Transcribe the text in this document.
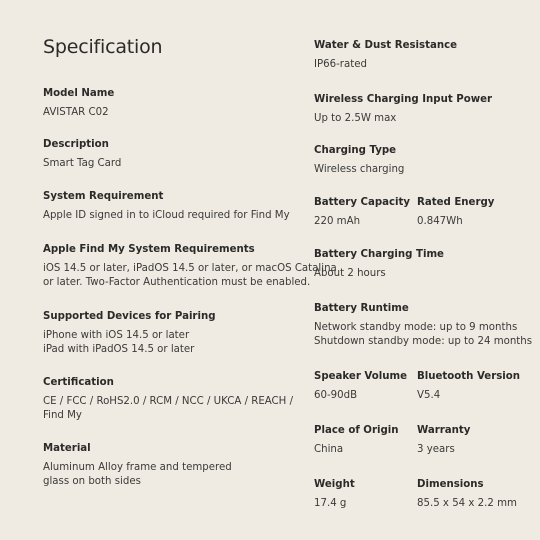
Specification
Model Name
AVISTAR C02
Description
Smart Tag Card
System Requirement
Apple ID signed in to iCloud required for Find My
Apple Find My System Requirements
iOS 14.5 or later, iPadOS 14.5 or later, or macOS Catalina
or later. Two-Factor Authentication must be enabled.
Supported Devices for Pairing
iPhone with iOS 14.5 or later
iPad with iPadOS 14.5 or later
Certification
CE / FCC / RoHS2.0 / RCM / NCC / UKCA / REACH /
Find My
Material
Aluminum Alloy frame and tempered
glass on both sides
Water & Dust Resistance
IP66-rated
Wireless Charging Input Power
Up to 2.5W max
Charging Type
Wireless charging
Battery Capacity
220 mAh
Rated Energy
0.847Wh
Battery Charging Time
About 2 hours
Battery Runtime
Network standby mode: up to 9 months
Shutdown standby mode: up to 24 months
Speaker Volume
60-90dB
Bluetooth Version
V5.4
Place of Origin
China
Warranty
3 years
Weight
17.4 g
Dimensions
85.5 x 54 x 2.2 mm
